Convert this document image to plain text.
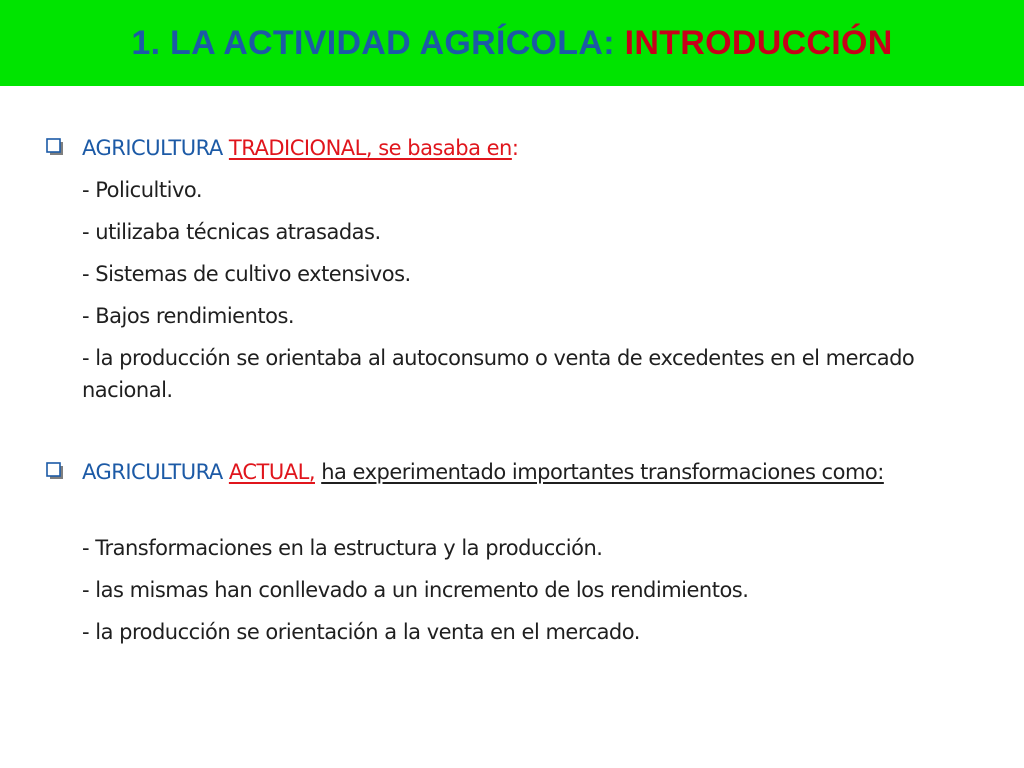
1. LA ACTIVIDAD AGRÍCOLA: INTRODUCCIÓN
AGRICULTURA TRADICIONAL, se basaba en:
- Policultivo.
- utilizaba técnicas atrasadas.
- Sistemas de cultivo extensivos.
- Bajos rendimientos.
- la producción se orientaba al autoconsumo o venta de excedentes en el mercado nacional.
AGRICULTURA ACTUAL, ha experimentado importantes transformaciones como:
- Transformaciones en la estructura y la producción.
- las mismas han conllevado a un incremento de los rendimientos.
- la producción se orientación a la venta en el mercado.
